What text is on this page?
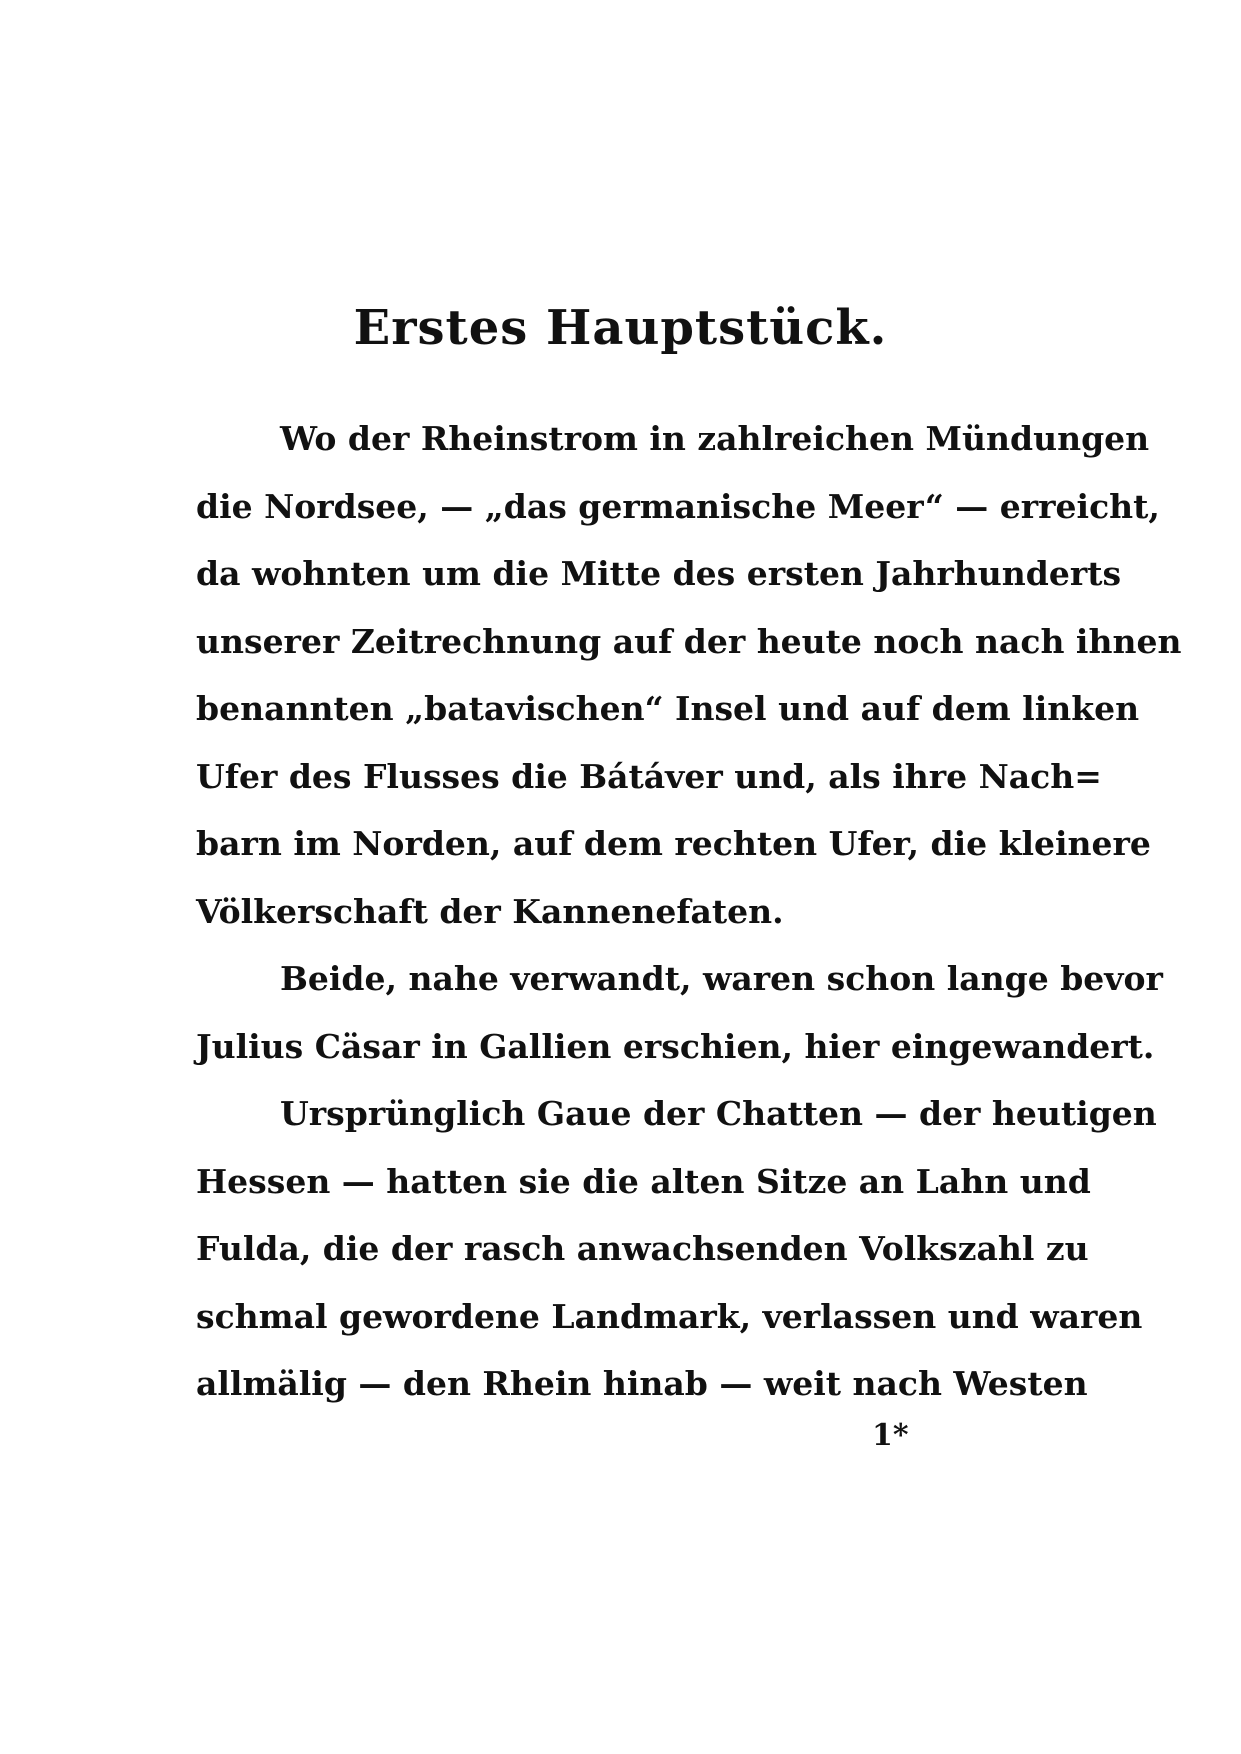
Erstes Hauptstück.
Wo der Rheinstrom in zahlreichen Mündungen
die Nordsee, — „das germanische Meer“ — erreicht,
da wohnten um die Mitte des ersten Jahrhunderts
unserer Zeitrechnung auf der heute noch nach ihnen
benannten „batavischen“ Insel und auf dem linken
Ufer des Flusses die Bátáver und, als ihre Nach=
barn im Norden, auf dem rechten Ufer, die kleinere
Völkerschaft der Kannenefaten.
Beide, nahe verwandt, waren schon lange bevor
Julius Cäsar in Gallien erschien, hier eingewandert.
Ursprünglich Gaue der Chatten — der heutigen
Hessen — hatten sie die alten Sitze an Lahn und
Fulda, die der rasch anwachsenden Volkszahl zu
schmal gewordene Landmark, verlassen und waren
allmälig — den Rhein hinab — weit nach Westen
1*
